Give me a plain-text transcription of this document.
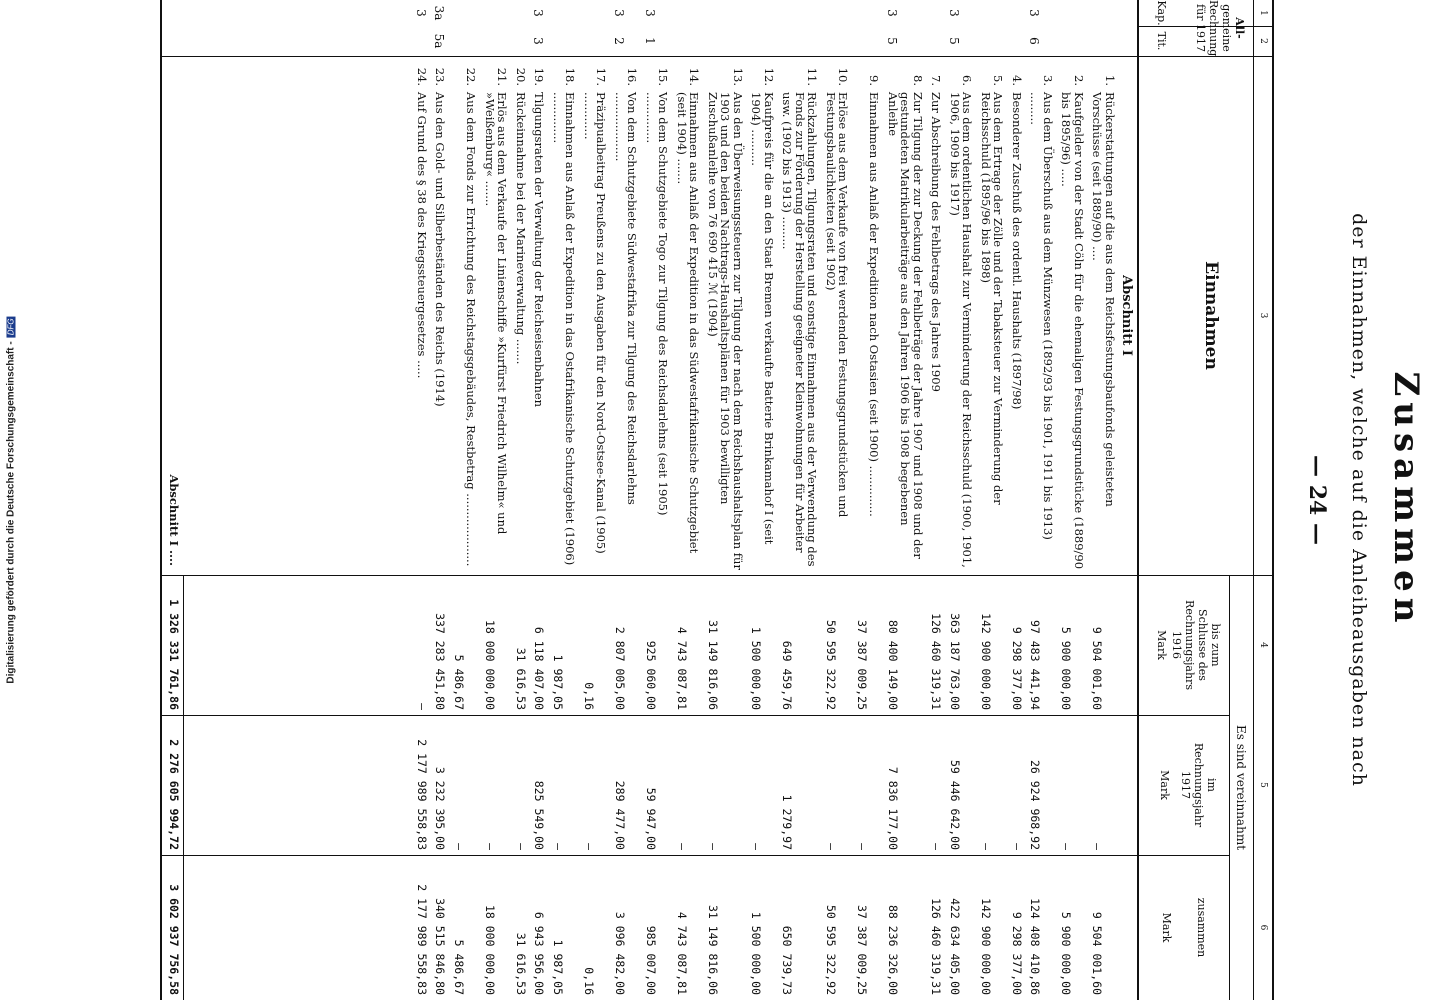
Digitalisierung gefördert durch die Deutsche Forschungsgemeinschaft -DFG
Zusammen
der Einnahmen, welche auf die Anleiheausgaben nach
— 24 —
1
2
3
4
5
6
All-
gemeine
Rechnung
für 1917
Kap.
Tit.
Einnahmen
Es sind vereinnahmt
bis zum
Schlusse des
Rechnungsjahrs
1916
Mark
im
Rechnungsjahr
1917
Mark
zusammen
Mark
Abschnitt I
1.
Rückerstattungen auf die aus dem Reichsfestungsbaufonds geleisteten Vorschüsse (seit 1889/90) ....
9 504 001,60
—
9 504 001,60
2.
Kaufgelder von der Stadt Cöln für die ehemaligen Festungsgrundstücke (1889/90 bis 1895/96) .....
5 900 000,00
—
5 900 000,00
3
6
3.
Aus dem Überschuß aus dem Münzwesen (1892/93 bis 1901, 1911 bis 1913) .........
97 483 441,94
26 924 968,92
124 408 410,86
4.
Besonderer Zuschuß des ordentl. Haushalts (1897/98)
9 298 377,00
—
9 298 377,00
5.
Aus dem Ertrage der Zölle und der Tabaksteuer zur Verminderung der Reichsschuld (1895/96 bis 1898)
142 900 000,00
—
142 900 000,00
3
5
6.
Aus dem ordentlichen Haushalt zur Verminderung der Reichsschuld (1900, 1901, 1906, 1909 bis 1917)
363 187 763,00
59 446 642,00
422 634 405,00
7.
Zur Abschreibung des Fehlbetrags des Jahres 1909
126 460 319,31
—
126 460 319,31
3
5
8.
Zur Tilgung der zur Deckung der Fehlbeträge der Jahre 1907 und 1908 und der gestundeten Matrikularbeiträge aus den Jahren 1906 bis 1908 begebenen Anleihe
80 400 149,00
7 836 177,00
88 236 326,00
9.
Einnahmen aus Anlaß der Expedition nach Ostasien (seit 1900) ..............
37 387 009,25
—
37 387 009,25
10.
Erlöse aus dem Verkaufe von frei werdenden Festungsgrundstücken und Festungsbaulichkeiten (seit 1902)
50 595 322,92
—
50 595 322,92
11.
Rückzahlungen, Tilgungsraten und sonstige Einnahmen aus der Verwendung des Fonds zur Förderung der Herstellung geeigneter Kleinwohnungen für Arbeiter usw. (1902 bis 1913) .........
649 459,76
1 279,97
650 739,73
12.
Kaufpreis für die an den Staat Bremen verkaufte Batterie Brinkamahof I (seit 1904) ..........
1 500 000,00
—
1 500 000,00
13.
Aus den Überweisungssteuern zur Tilgung der nach dem Reichshaushaltsplan für 1903 und den beiden Nachtrags-Haushaltsplänen für 1903 bewilligten Zuschußanleihe von 76 690 415 ℳ (1904)
31 149 816,06
—
31 149 816,06
14.
Einnahmen aus Anlaß der Expedition in das Südwestafrikanische Schutzgebiet (seit 1904) .......
4 743 087,81
—
4 743 087,81
3
1
15.
Von dem Schutzgebiete Togo zur Tilgung des Reichsdarlehns (seit 1905) ..............
925 060,00
59 947,00
985 007,00
3
2
16.
Von dem Schutzgebiete Südwestafrika zur Tilgung des Reichsdarlehns ...................
2 807 005,00
289 477,00
3 096 482,00
17.
Präzipualbeitrag Preußens zu den Ausgaben für den Nord-Ostsee-Kanal (1905) .............
0,16
—
0,16
18.
Einnahmen aus Anlaß der Expedition in das Ostafrikanische Schutzgebiet (1906) ..............
1 987,05
—
1 987,05
3
3
19.
Tilgungsraten der Verwaltung der Reichseisenbahnen
6 118 407,00
825 549,00
6 943 956,00
20.
Rückeinnahme bei der Marineverwaltung .......
31 616,53
—
31 616,53
21.
Erlös aus dem Verkaufe der Linienschiffe »Kurfürst Friedrich Wilhelm« und »Weißenburg« .......
18 000 000,00
—
18 000 000,00
22.
Aus dem Fonds zur Errichtung des Reichstagsgebäudes, Restbetrag ....................
5 486,67
—
5 486,67
3a
5a
23.
Aus den Gold- und Silberbeständen des Reichs (1914)
337 283 451,80
3 232 395,00
340 515 846,80
3
24.
Auf Grund des § 38 des Kriegssteuergesetzes .....
—
2 177 989 558,83
2 177 989 558,83
Abschnitt I ....
1 326 331 761,86
2 276 605 994,72
3 602 937 756,58
